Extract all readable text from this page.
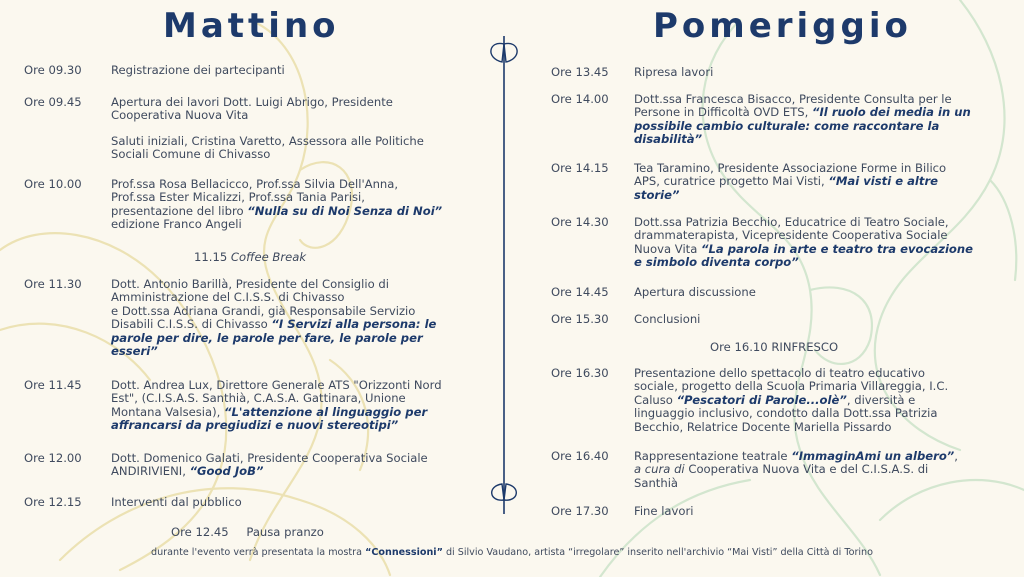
Mattino
Ore 09.30	Registrazione dei partecipanti
Ore 09.45	Apertura dei lavori Dott. Luigi Abrigo, Presidente
Cooperativa Nuova Vita
Saluti iniziali, Cristina Varetto, Assessora alle Politiche
Sociali Comune di Chivasso
Ore 10.00	Prof.ssa Rosa Bellacicco, Prof.ssa Silvia Dell'Anna,
Prof.ssa Ester Micalizzi, Prof.ssa Tania Parisi,
presentazione del libro “Nulla su di Noi Senza di Noi”
edizione Franco Angeli
11.15 Coffee Break
Ore 11.30	Dott. Antonio Barillà, Presidente del Consiglio di
Amministrazione del C.I.S.S. di Chivasso
e Dott.ssa Adriana Grandi, già Responsabile Servizio
Disabili C.I.S.S. di Chivasso “I Servizi alla persona: le
parole per dire, le parole per fare, le parole per
esseri”
Ore 11.45	Dott. Andrea Lux, Direttore Generale ATS "Orizzonti Nord
Est", (C.I.S.A.S. Santhià, C.A.S.A. Gattinara, Unione
Montana Valsesia), “L'attenzione al linguaggio per
affrancarsi da pregiudizi e nuovi stereotipi”
Ore 12.00	Dott. Domenico Galati, Presidente Cooperativa Sociale
ANDIRIVIENI, “Good JoB”
Ore 12.15	Interventi dal pubblico
Ore 12.45 Pausa pranzo
Pomeriggio
Ore 13.45 Ripresa lavori
Ore 14.00 Dott.ssa Francesca Bisacco, Presidente Consulta per le
Persone in Difficoltà OVD ETS, “Il ruolo dei media in un
possibile cambio culturale: come raccontare la
disabilità”
Ore 14.15 Tea Taramino, Presidente Associazione Forme in Bilico
APS, curatrice progetto Mai Visti, “Mai visti e altre
storie”
Ore 14.30 Dott.ssa Patrizia Becchio, Educatrice di Teatro Sociale,
drammaterapista, Vicepresidente Cooperativa Sociale
Nuova Vita “La parola in arte e teatro tra evocazione
e simbolo diventa corpo”
Ore 14.45 Apertura discussione
Ore 15.30 Conclusioni
Ore 16.10 RINFRESCO
Ore 16.30 Presentazione dello spettacolo di teatro educativo
sociale, progetto della Scuola Primaria Villareggia, I.C.
Caluso “Pescatori di Parole...olè”, diversità e
linguaggio inclusivo, condotto dalla Dott.ssa Patrizia
Becchio, Relatrice Docente Mariella Pissardo
Ore 16.40 Rappresentazione teatrale “ImmaginAmi un albero”,
a cura di Cooperativa Nuova Vita e del C.I.S.A.S. di
Santhià
Ore 17.30 Fine lavori
durante l'evento verrà presentata la mostra “Connessioni” di Silvio Vaudano, artista “irregolare” inserito nell'archivio “Mai Visti” della Città di Torino
